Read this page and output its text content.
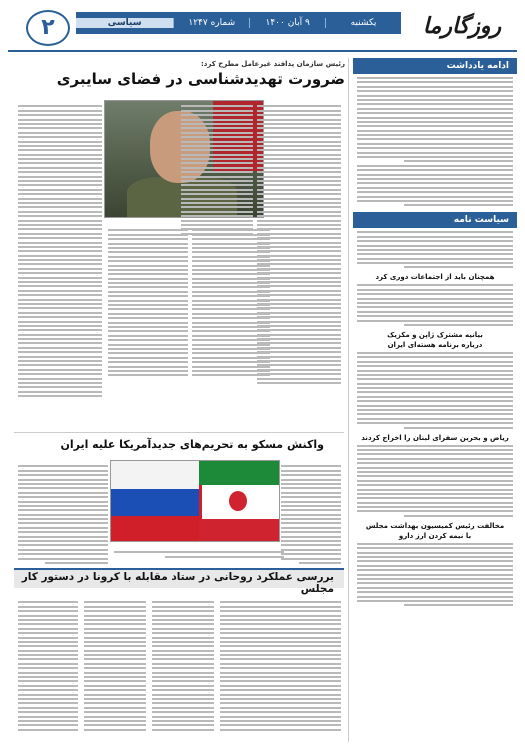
روزگارما
یکشنبه
۹ آبان ۱۴۰۰
شماره ۱۲۴۷
سیاسی
۲
ادامه یادداشت
سیاست نامه
همچنان باید از اجتماعات دوری کرد
بیانیه مشترک ژاپن و مکزیک
درباره برنامه هسته‌ای ایران
ریاض و بحرین سفرای لبنان را اخراج کردند
مخالفت رئیس کمیسیون بهداشت مجلس
با نیمه کردن ارز دارو
رئیس سازمان پدافند غیرعامل مطرح کرد:
ضرورت تهدیدشناسی در فضای سایبری
واکنش مسکو به تحریم‌های جدیدآمریکا علیه ایران
بررسی عملکرد روحانی در ستاد مقابله با کرونا در دستور کار مجلس
